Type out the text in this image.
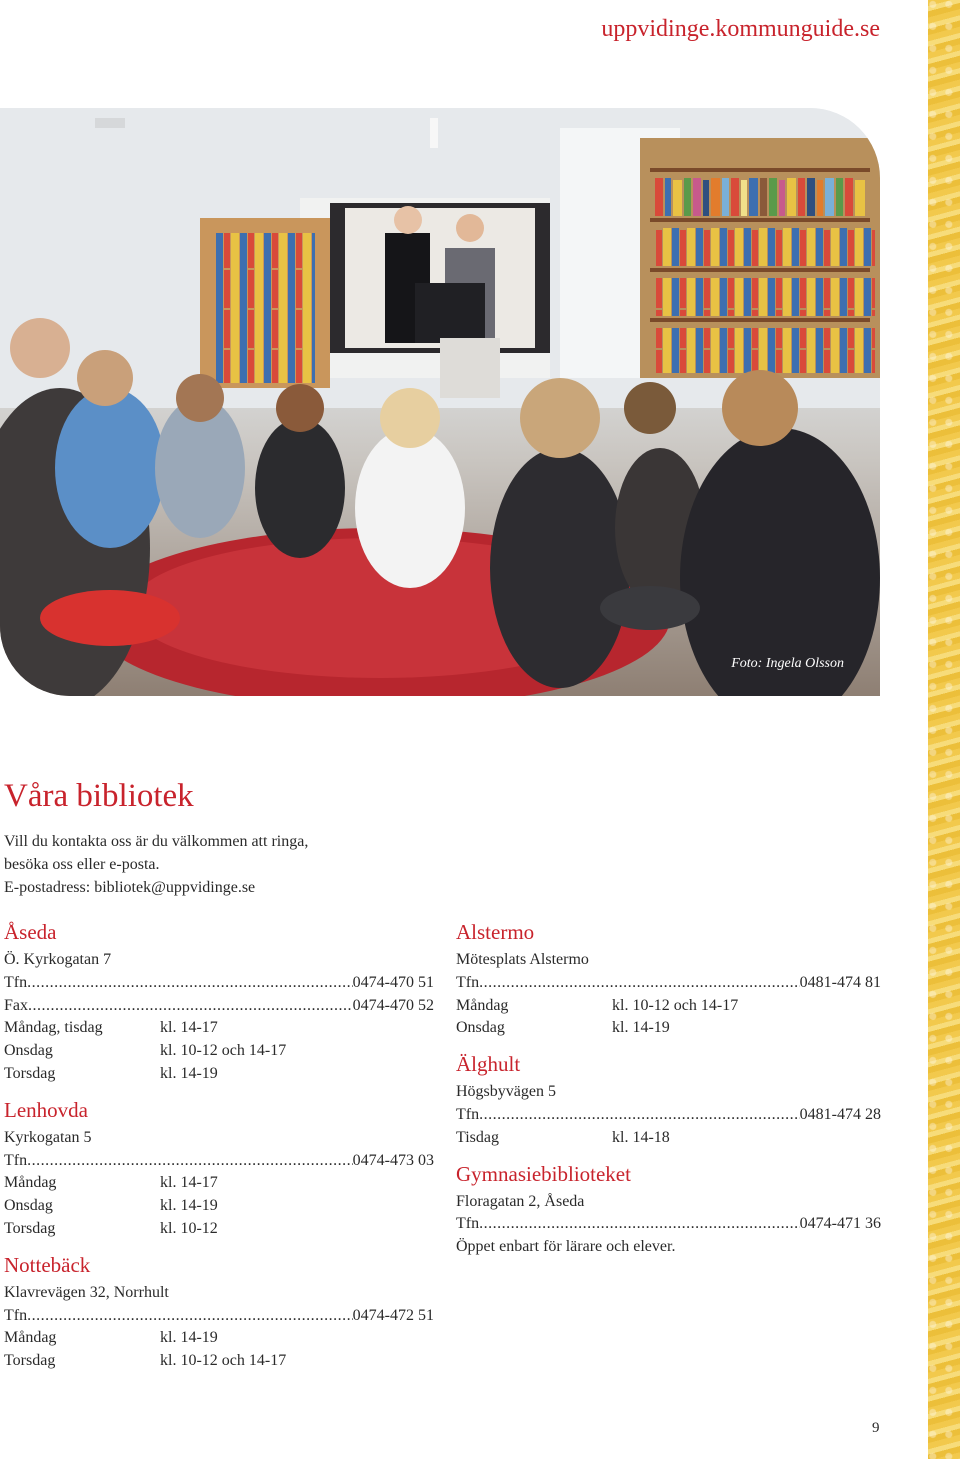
uppvidinge.kommunguide.se
Foto: Ingela Olsson
Våra bibliotek
Vill du kontakta oss är du välkommen att ringa,
besöka oss eller e-posta.
E-postadress: bibliotek@uppvidinge.se
Åseda
Ö. Kyrkogatan 7
Tfn .....	0474-470 51
Fax .....	0474-470 52
Måndag, tisdag	kl. 14-17
Onsdag	kl. 10-12 och 14-17
Torsdag	kl. 14-19
Lenhovda
Kyrkogatan 5
Tfn .....	0474-473 03
Måndag	kl. 14-17
Onsdag	kl. 14-19
Torsdag	kl. 10-12
Nottebäck
Klavrevägen 32, Norrhult
Tfn .....	0474-472 51
Måndag	kl. 14-19
Torsdag	kl. 10-12 och 14-17
Alstermo
Mötesplats Alstermo
Tfn .....	0481-474 81
Måndag	kl. 10-12 och 14-17
Onsdag	kl. 14-19
Älghult
Högsbyvägen 5
Tfn .....	0481-474 28
Tisdag	kl. 14-18
Gymnasiebiblioteket
Floragatan 2, Åseda
Tfn .....	0474-471 36
Öppet enbart för lärare och elever.
9
